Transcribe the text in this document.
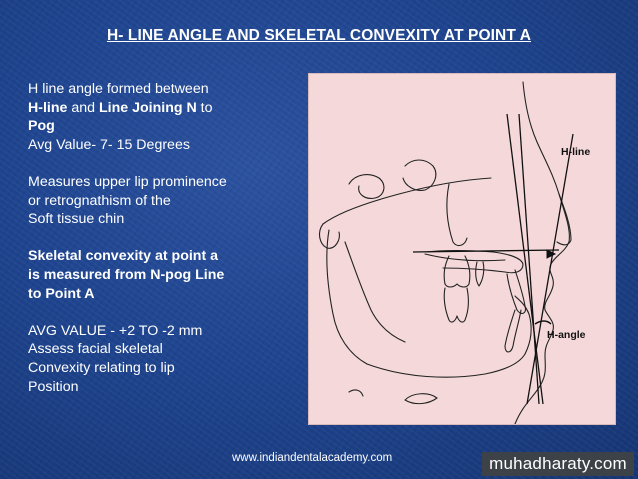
H- LINE ANGLE AND SKELETAL CONVEXITY AT POINT A

H line angle formed between
H-line and Line Joining N to
Pog
Avg Value- 7- 15 Degrees

Measures upper lip prominence
or retrognathism of the
Soft tissue chin

Skeletal convexity at point a
is measured from N-pog Line
to Point A

AVG VALUE - +2 TO -2 mm
Assess facial skeletal
Convexity relating to lip
Position

H-line
H-angle
www.indiandentalacademy.com	muhadharaty.com
